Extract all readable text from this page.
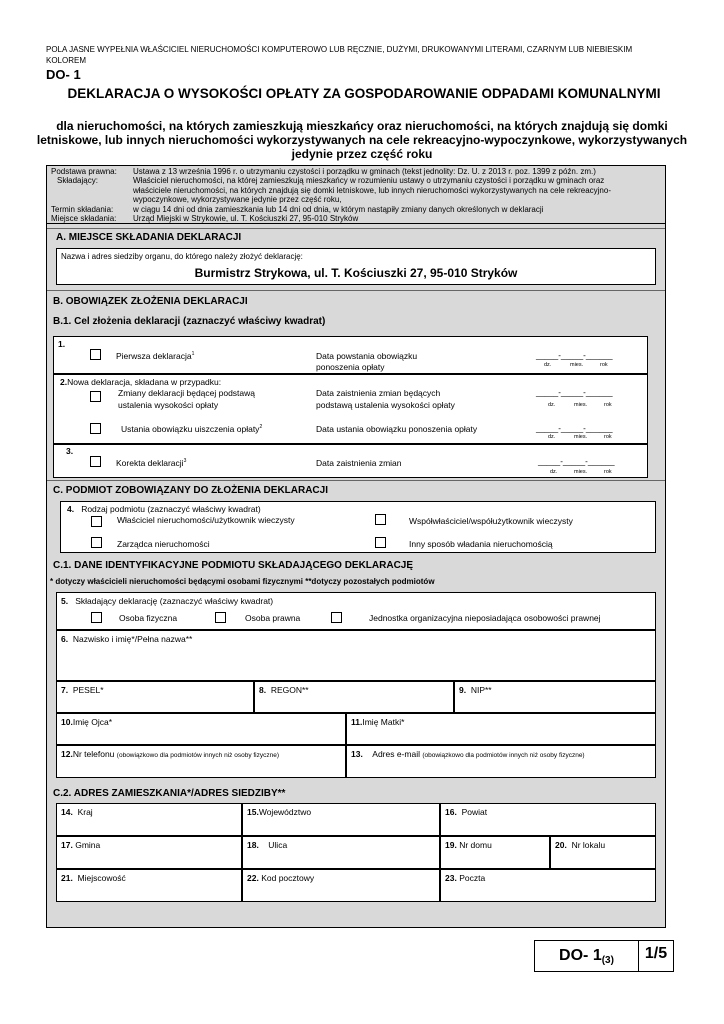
POLA JASNE WYPEŁNIA WŁAŚCICIEL NIERUCHOMOŚCI KOMPUTEROWO LUB RĘCZNIE, DUŻYMI, DRUKOWANYMI LITERAMI, CZARNYM LUB NIEBIESKIM KOLOREM
DO- 1
DEKLARACJA O WYSOKOŚCI OPŁATY ZA GOSPODAROWANIE ODPADAMI KOMUNALNYMI
dla nieruchomości, na których zamieszkują mieszkańcy oraz nieruchomości, na których znajdują się domki letniskowe, lub innych nieruchomości wykorzystywanych na cele rekreacyjno-wypoczynkowe, wykorzystywanych jedynie przez część roku
Podstawa prawna: Ustawa z 13 września 1996 r. o utrzymaniu czystości i porządku w gminach (tekst jednolity: Dz. U. z 2013 r. poz. 1399 z późn. zm.)
Składający:	Właściciel nieruchomości, na której zamieszkują mieszkańcy w rozumieniu ustawy o utrzymaniu czystości i porządku w gminach oraz
właściciele nieruchomości, na których znajdują się domki letniskowe, lub innych nieruchomości wykorzystywanych na cele rekreacyjno-
wypoczynkowe, wykorzystywane jedynie przez część roku,
Termin składania: w ciągu 14 dni od dnia zamieszkania lub 14 dni od dnia, w którym nastąpiły zmiany danych określonych w deklaracji
Miejsce składania: Urząd Miejski w Strykowie, ul. T. Kościuszki 27, 95-010 Stryków
A. MIEJSCE SKŁADANIA DEKLARACJI
Nazwa i adres siedziby organu, do którego należy złożyć deklarację:
Burmistrz Strykowa, ul. T. Kościuszki 27, 95-010 Stryków
B. OBOWIĄZEK ZŁOŻENIA DEKLARACJI
B.1. Cel złożenia deklaracji (zaznaczyć właściwy kwadrat)
1.
Pierwsza deklaracja$^1$	Data powstania obowiązku
ponoszenia opłaty
_____-_____-______
dz.	mies.	rok
2.Nowa deklaracja, składana w przypadku:
Zmiany deklaracji będącej podstawą
ustalenia wysokości opłaty
Data zaistnienia zmian będących
podstawą ustalenia wysokości opłaty
_____-_____-______
dz.	mies.	rok
Ustania obowiązku uiszczenia opłaty$^2$	Data ustania obowiązku ponoszenia opłaty	_____-_____-______
dz.	mies.	rok
3.
Korekta deklaracji$^3$	Data zaistnienia zmian	_____-_____-______
dz.	mies.	rok
C. PODMIOT ZOBOWIĄZANY DO ZŁOŻENIA DEKLARACJI
4. Rodzaj podmiotu (zaznaczyć właściwy kwadrat)
Właściciel nieruchomości/użytkownik wieczysty	Współwłaściciel/współużytkownik wieczysty
Zarządca nieruchomości	Inny sposób władania nieruchomością
C.1. DANE IDENTYFIKACYJNE PODMIOTU SKŁADAJĄCEGO DEKLARACJĘ
* dotyczy właścicieli nieruchomości będącymi osobami fizycznymi **dotyczy pozostałych podmiotów
5. Składający deklarację (zaznaczyć właściwy kwadrat)
Osoba fizyczna	Osoba prawna	Jednostka organizacyjna nieposiadająca osobowości prawnej
6. Nazwisko i imię*/Pełna nazwa**
7. PESEL*	8. REGON**	9. NIP**
10.Imię Ojca*	11.Imię Matki*
12.Nr telefonu (obowiązkowo dla podmiotów innych niż osoby fizyczne)	13. Adres e-mail (obowiązkowo dla podmiotów innych niż osoby fizyczne)
C.2. ADRES ZAMIESZKANIA*/ADRES SIEDZIBY**
14. Kraj	15.Województwo	16. Powiat
17. Gmina	18. Ulica	19. Nr domu	20. Nr lokalu
21. Miejscowość	22. Kod pocztowy	23. Poczta
DO- 1(3)	1/5
